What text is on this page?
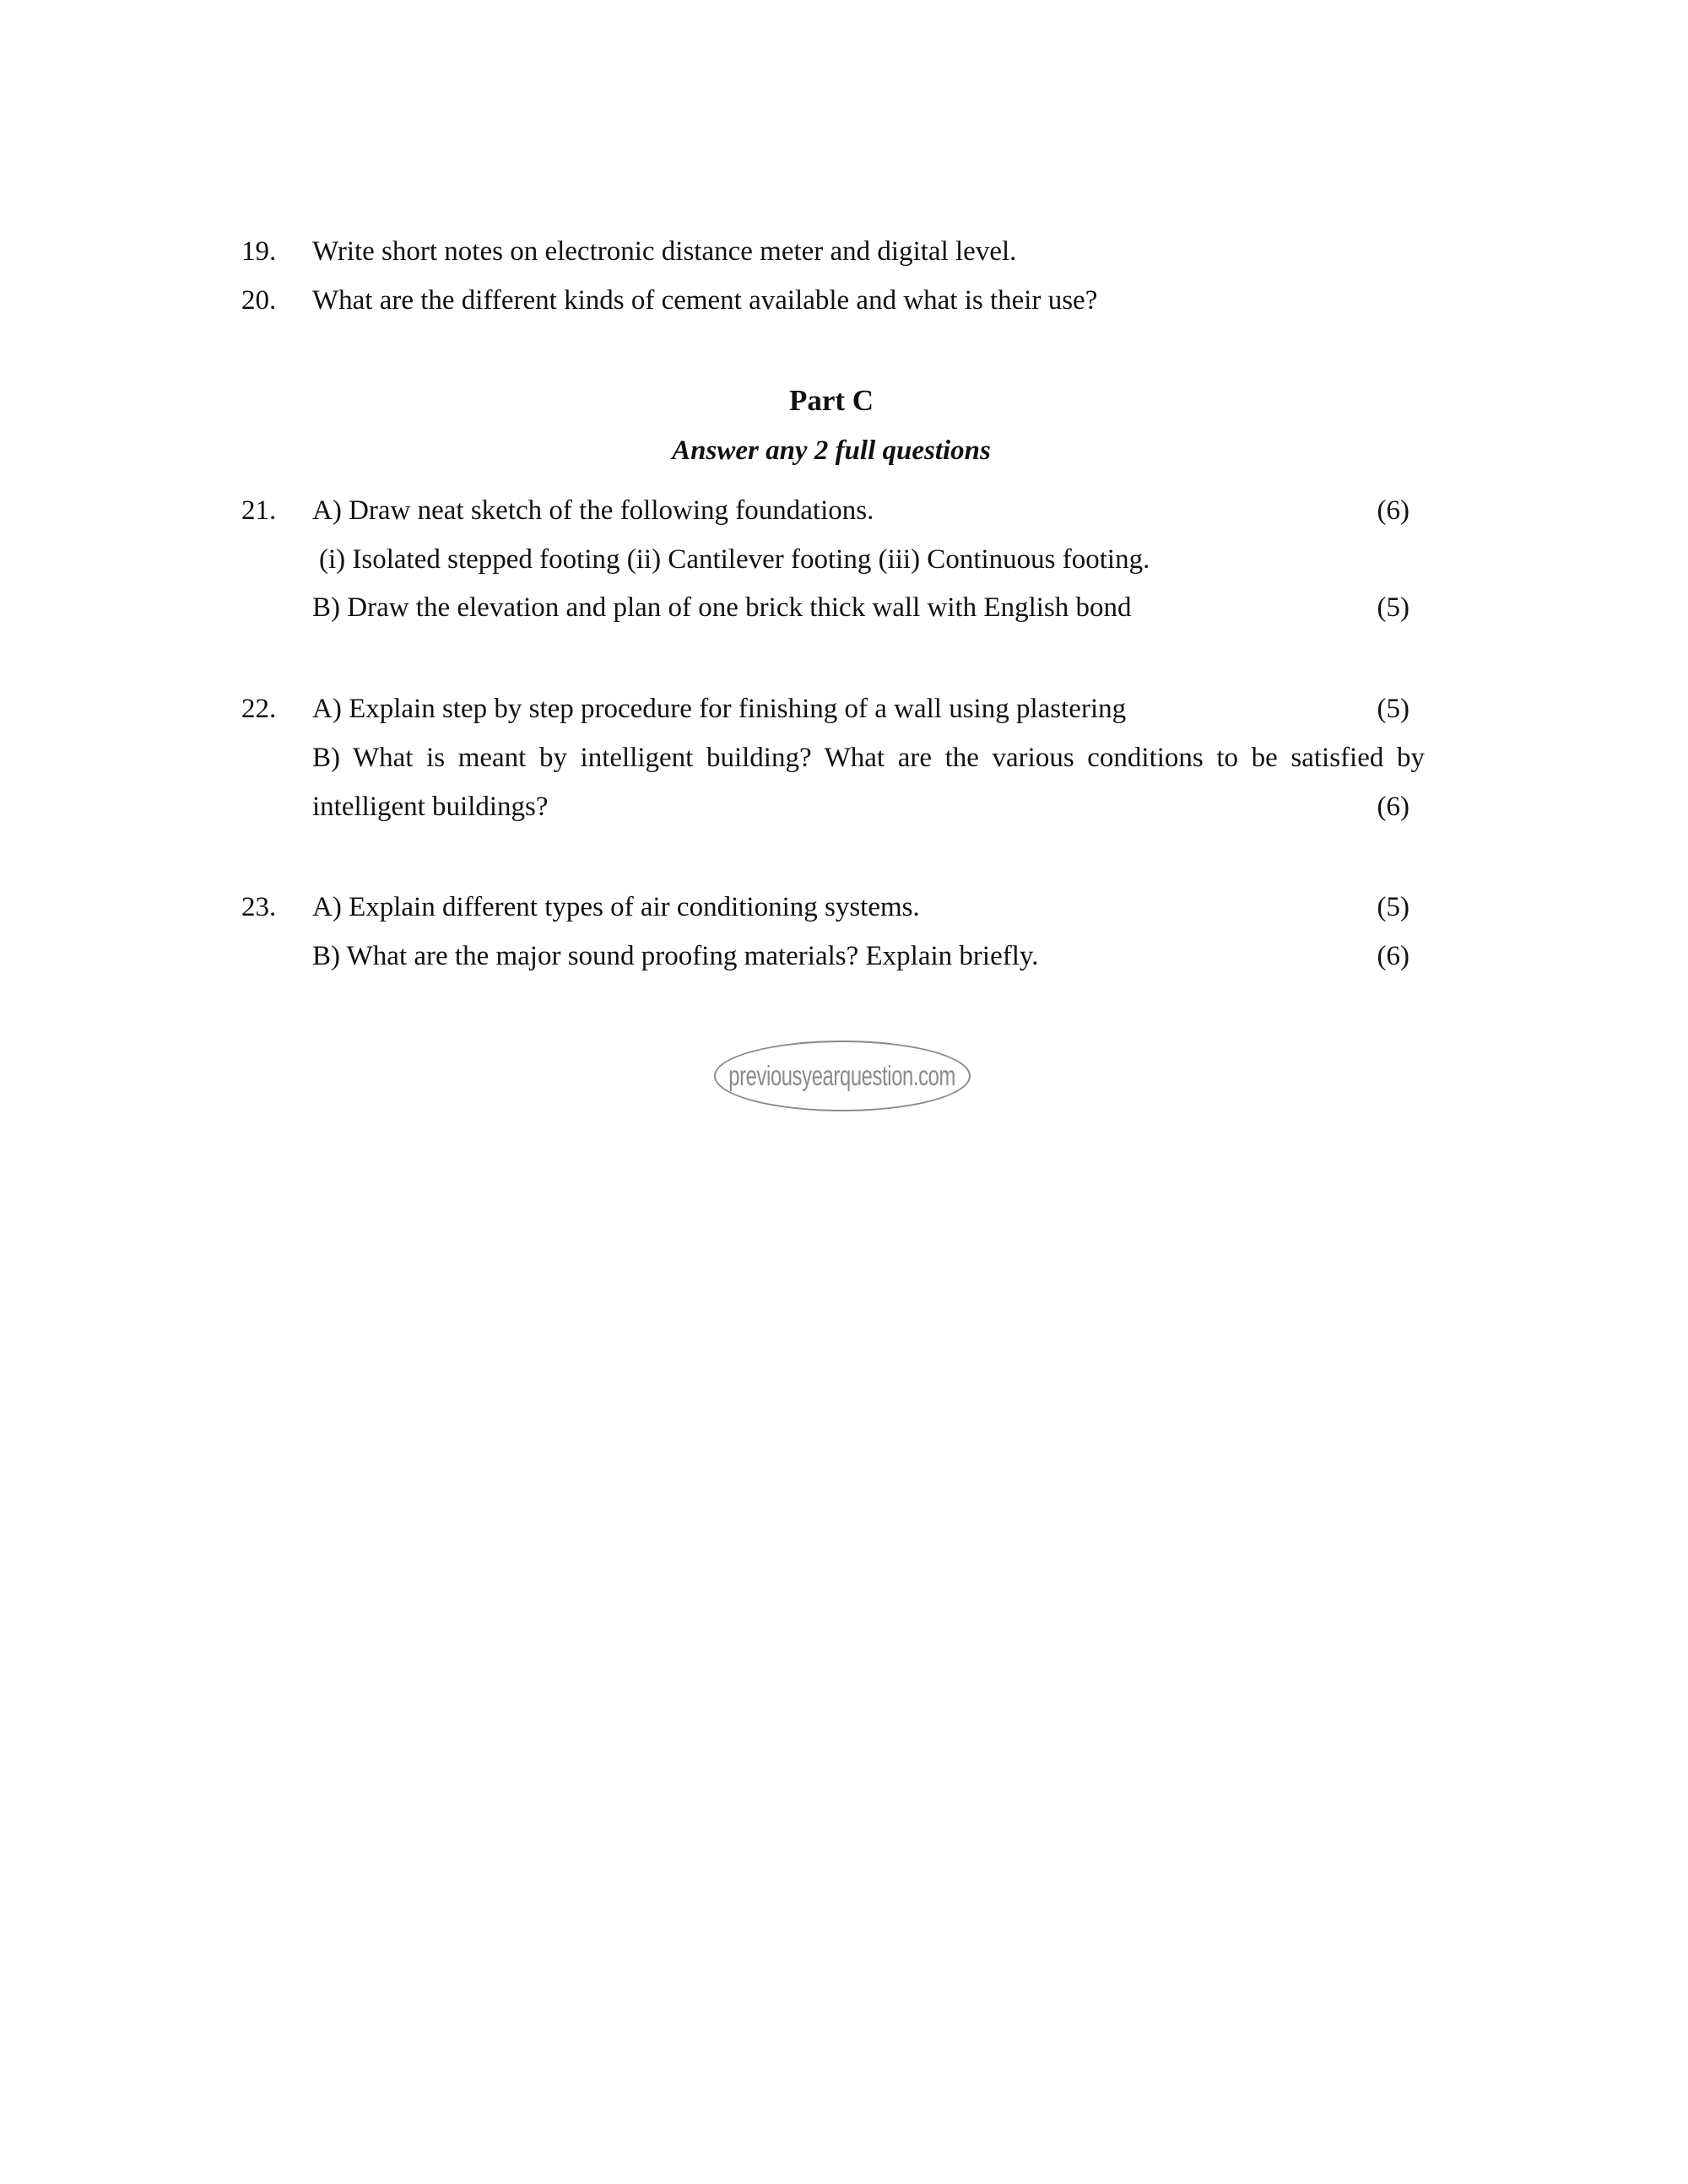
19. Write short notes on electronic distance meter and digital level.
20. What are the different kinds of cement available and what is their use?
Part C
Answer any 2 full questions
21. A) Draw neat sketch of the following foundations.	(6)
(i) Isolated stepped footing (ii) Cantilever footing (iii) Continuous footing.
B) Draw the elevation and plan of one brick thick wall with English bond	(5)
22. A) Explain step by step procedure for finishing of a wall using plastering	(5)
B) What is meant by intelligent building? What are the various conditions to be satisfied by
intelligent buildings?	(6)
23. A) Explain different types of air conditioning systems.	(5)
B) What are the major sound proofing materials? Explain briefly.	(6)
previousyearquestion.com
